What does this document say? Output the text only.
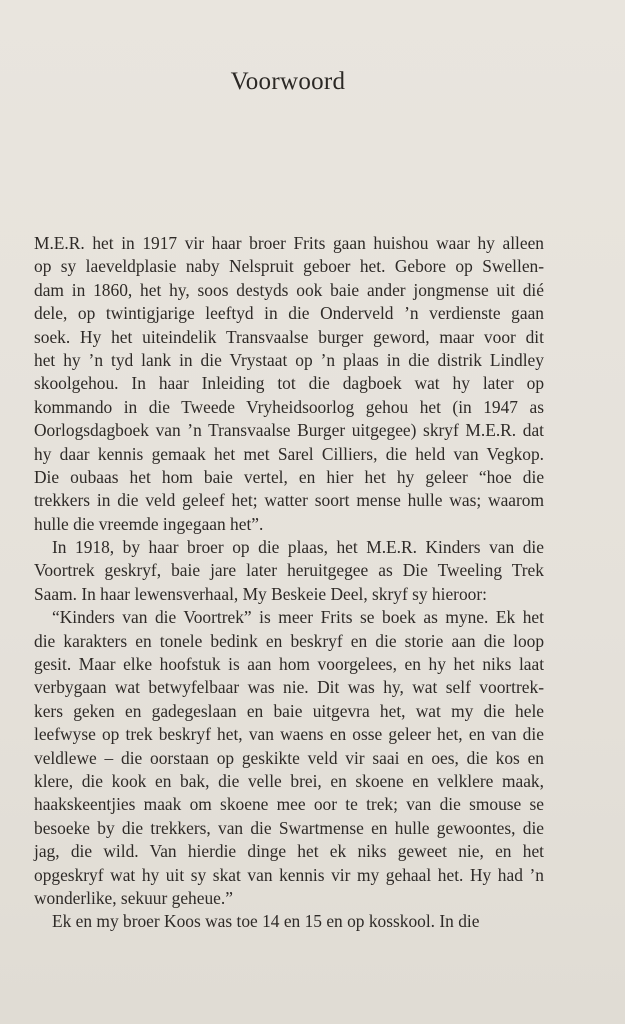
Voorwoord
M.E.R. het in 1917 vir haar broer Frits gaan huishou waar hy alleen
op sy laeveldplasie naby Nelspruit geboer het. Gebore op Swellen-
dam in 1860, het hy, soos destyds ook baie ander jongmense uit dié
dele, op twintigjarige leeftyd in die Onderveld ’n verdienste gaan
soek. Hy het uiteindelik Transvaalse burger geword, maar voor dit
het hy ’n tyd lank in die Vrystaat op ’n plaas in die distrik Lindley
skoolgehou. In haar Inleiding tot die dagboek wat hy later op
kommando in die Tweede Vryheidsoorlog gehou het (in 1947 as
Oorlogsdagboek van ’n Transvaalse Burger uitgegee) skryf M.E.R. dat
hy daar kennis gemaak het met Sarel Cilliers, die held van Vegkop.
Die oubaas het hom baie vertel, en hier het hy geleer “hoe die
trekkers in die veld geleef het; watter soort mense hulle was; waarom
hulle die vreemde ingegaan het”.
In 1918, by haar broer op die plaas, het M.E.R. Kinders van die
Voortrek geskryf, baie jare later heruitgegee as Die Tweeling Trek
Saam. In haar lewensverhaal, My Beskeie Deel, skryf sy hieroor:
“Kinders van die Voortrek” is meer Frits se boek as myne. Ek het
die karakters en tonele bedink en beskryf en die storie aan die loop
gesit. Maar elke hoofstuk is aan hom voorgelees, en hy het niks laat
verbygaan wat betwyfelbaar was nie. Dit was hy, wat self voortrek-
kers geken en gadegeslaan en baie uitgevra het, wat my die hele
leefwyse op trek beskryf het, van waens en osse geleer het, en van die
veldlewe – die oorstaan op geskikte veld vir saai en oes, die kos en
klere, die kook en bak, die velle brei, en skoene en velklere maak,
haakskeentjies maak om skoene mee oor te trek; van die smouse se
besoeke by die trekkers, van die Swartmense en hulle gewoontes, die
jag, die wild. Van hierdie dinge het ek niks geweet nie, en het
opgeskryf wat hy uit sy skat van kennis vir my gehaal het. Hy had ’n
wonderlike, sekuur geheue.”
Ek en my broer Koos was toe 14 en 15 en op kosskool. In die
